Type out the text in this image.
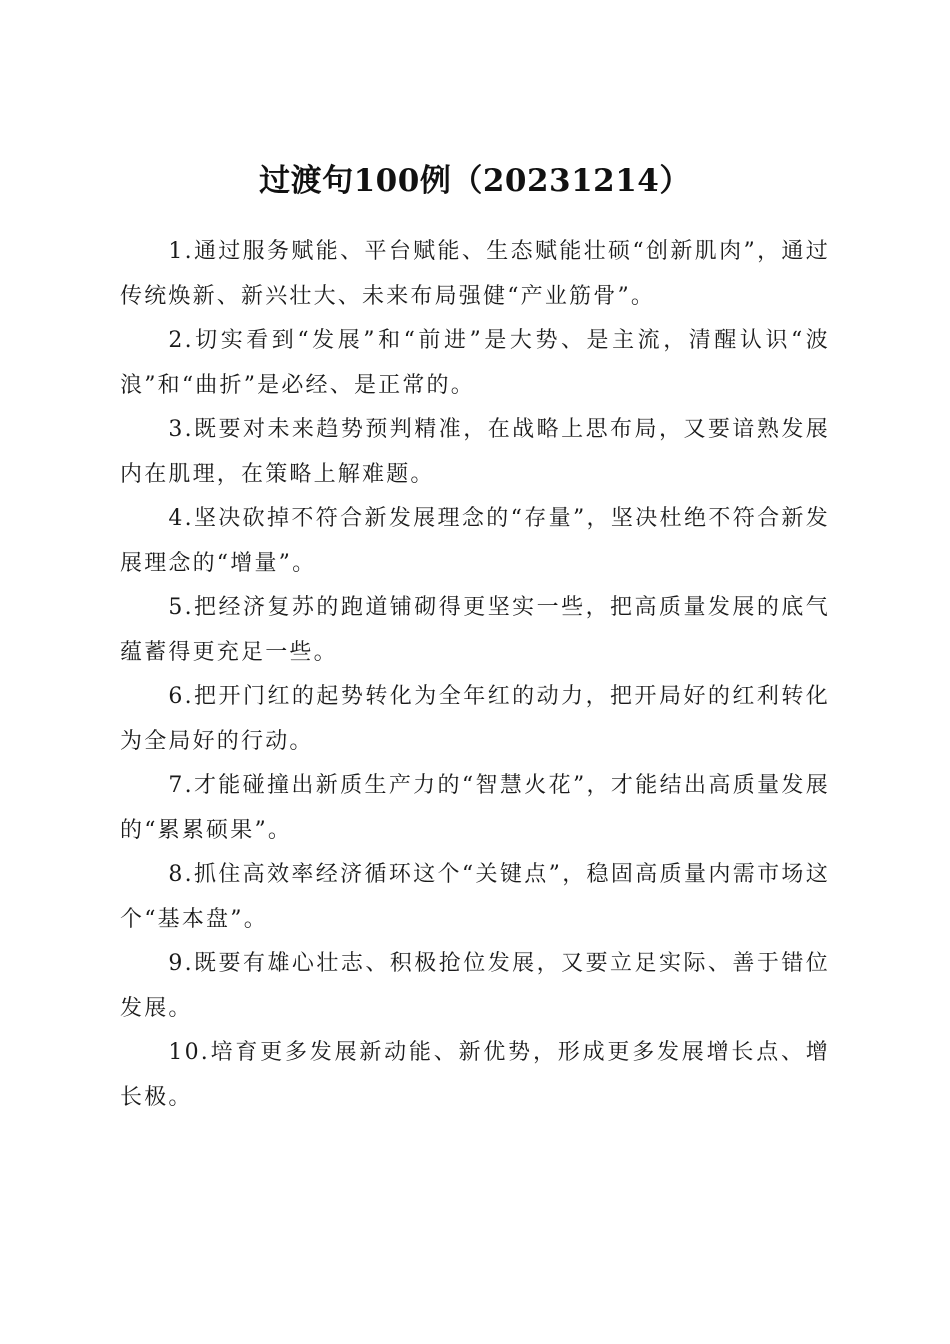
过渡句100例（20231214）

1.通过服务赋能、平台赋能、生态赋能壮硕“创新肌肉”，通过传统焕新、新兴壮大、未来布局强健“产业筋骨”。

2.切实看到“发展”和“前进”是大势、是主流，清醒认识“波浪”和“曲折”是必经、是正常的。

3.既要对未来趋势预判精准，在战略上思布局，又要谙熟发展内在肌理，在策略上解难题。

4.坚决砍掉不符合新发展理念的“存量”，坚决杜绝不符合新发展理念的“增量”。

5.把经济复苏的跑道铺砌得更坚实一些，把高质量发展的底气蕴蓄得更充足一些。

6.把开门红的起势转化为全年红的动力，把开局好的红利转化为全局好的行动。

7.才能碰撞出新质生产力的“智慧火花”，才能结出高质量发展的“累累硕果”。

8.抓住高效率经济循环这个“关键点”，稳固高质量内需市场这个“基本盘”。

9.既要有雄心壮志、积极抢位发展，又要立足实际、善于错位发展。

10.培育更多发展新动能、新优势，形成更多发展增长点、增长极。
